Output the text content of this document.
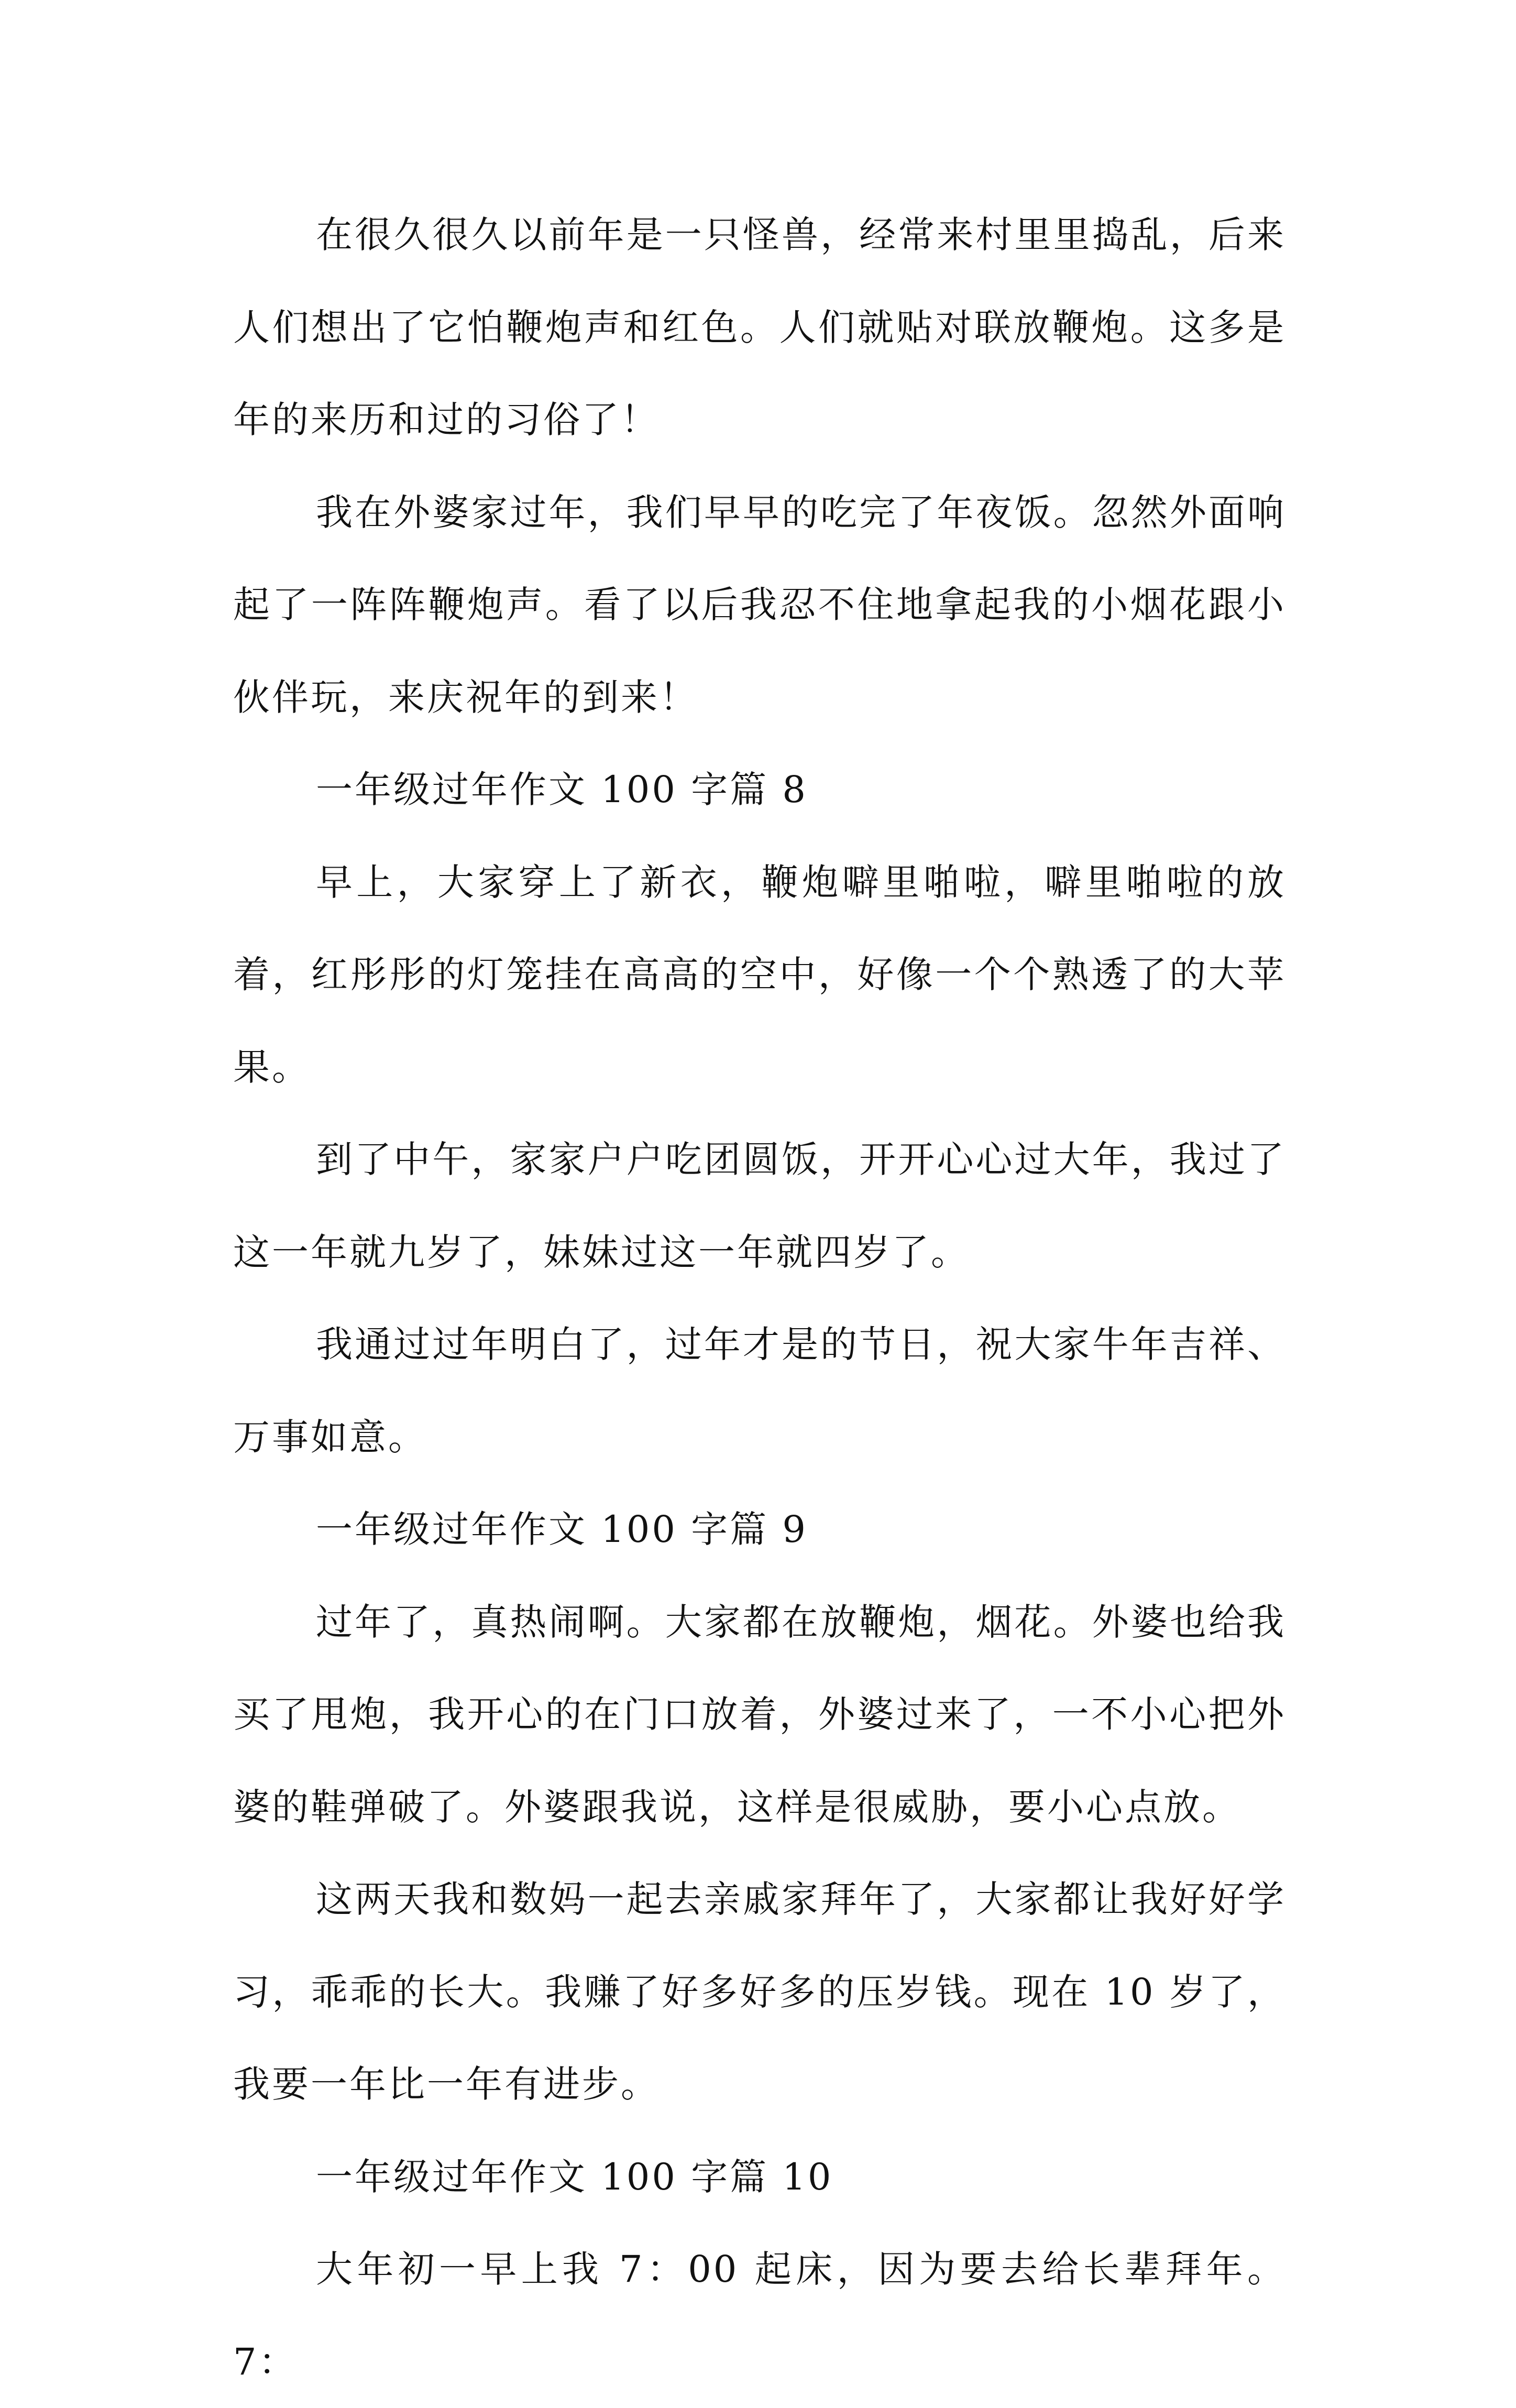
在很久很久以前年是一只怪兽，经常来村里里捣乱，后来人们想出了它怕鞭炮声和红色。人们就贴对联放鞭炮。这多是年的来历和过的习俗了！

我在外婆家过年，我们早早的吃完了年夜饭。忽然外面响起了一阵阵鞭炮声。看了以后我忍不住地拿起我的小烟花跟小伙伴玩，来庆祝年的到来！

一年级过年作文 100 字篇 8

早上，大家穿上了新衣，鞭炮噼里啪啦，噼里啪啦的放着，红彤彤的灯笼挂在高高的空中，好像一个个熟透了的大苹果。

到了中午，家家户户吃团圆饭，开开心心过大年，我过了这一年就九岁了，妹妹过这一年就四岁了。

我通过过年明白了，过年才是的节日，祝大家牛年吉祥、万事如意。

一年级过年作文 100 字篇 9

过年了，真热闹啊。大家都在放鞭炮，烟花。外婆也给我买了甩炮，我开心的在门口放着，外婆过来了，一不小心把外婆的鞋弹破了。外婆跟我说，这样是很威胁，要小心点放。

这两天我和数妈一起去亲戚家拜年了，大家都让我好好学习，乖乖的长大。我赚了好多好多的压岁钱。现在 10 岁了，我要一年比一年有进步。

一年级过年作文 100 字篇 10

大年初一早上我 7：00 起床，因为要去给长辈拜年。7：
